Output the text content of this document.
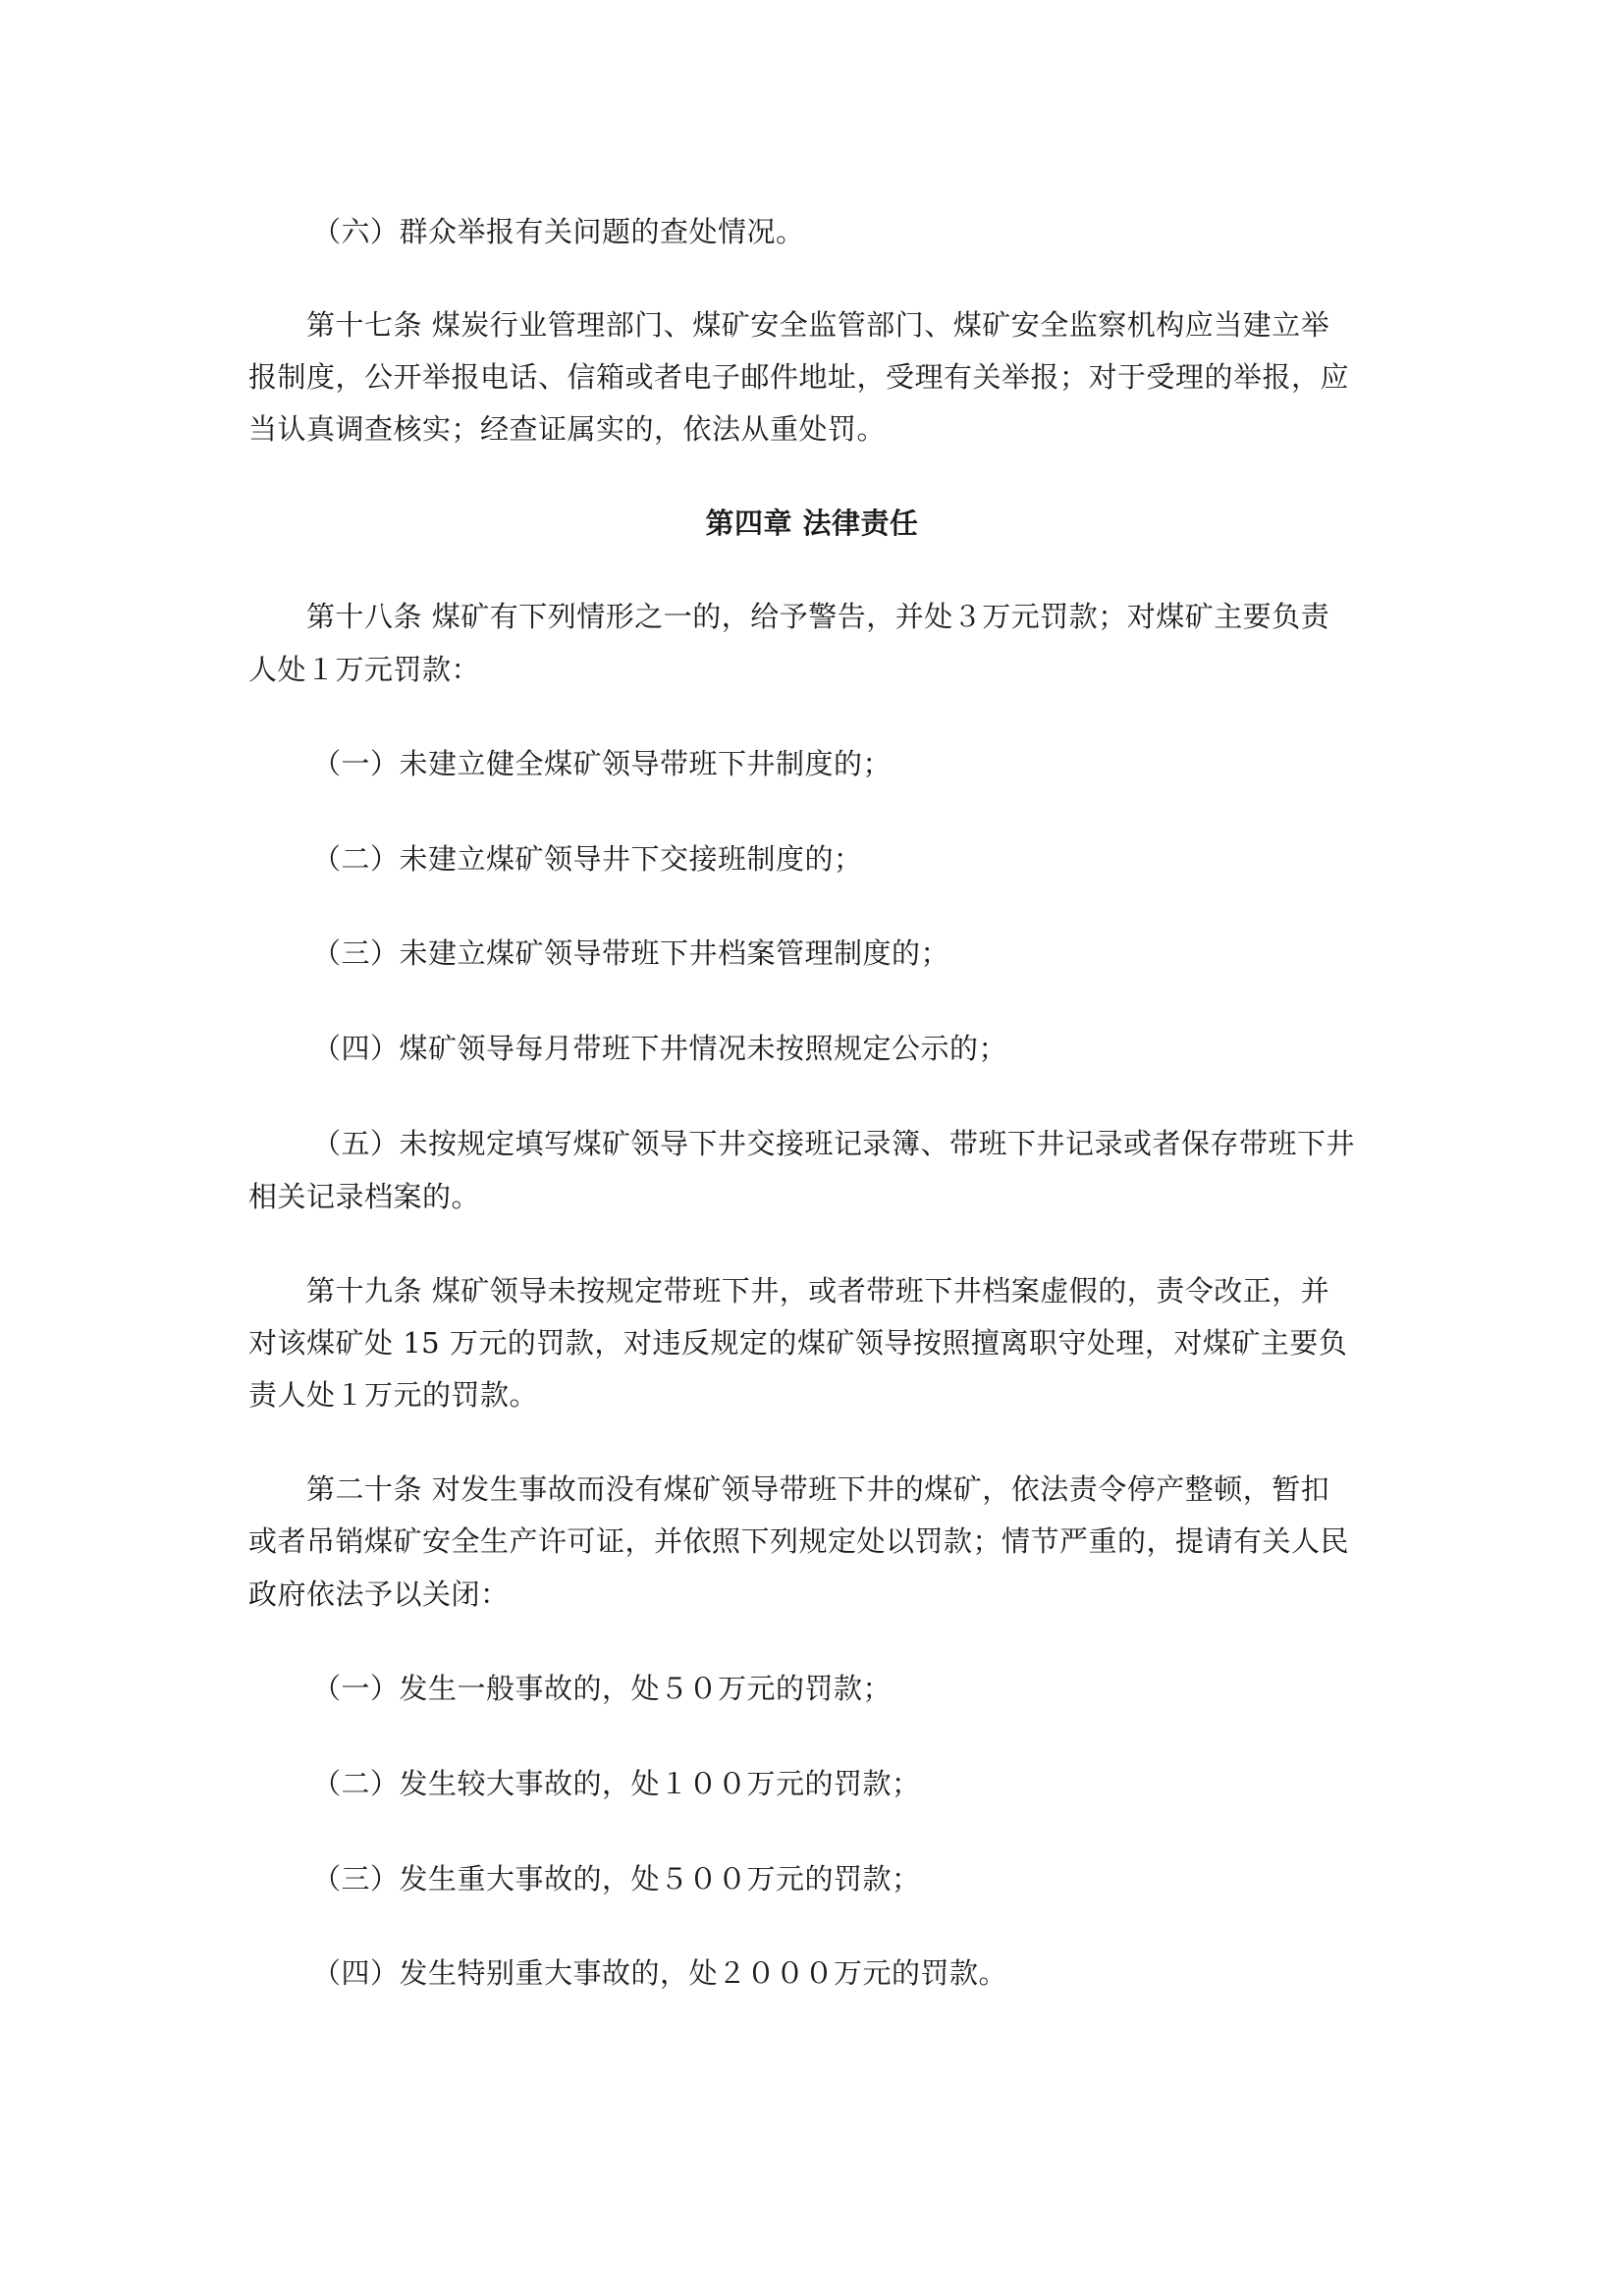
（六）群众举报有关问题的查处情况。
第十七条 煤炭行业管理部门、煤矿安全监管部门、煤矿安全监察机构应当建立举
报制度，公开举报电话、信箱或者电子邮件地址，受理有关举报；对于受理的举报，应
当认真调查核实；经查证属实的，依法从重处罚。
第四章 法律责任
第十八条 煤矿有下列情形之一的，给予警告，并处３万元罚款；对煤矿主要负责
人处１万元罚款：
（一）未建立健全煤矿领导带班下井制度的；
（二）未建立煤矿领导井下交接班制度的；
（三）未建立煤矿领导带班下井档案管理制度的；
（四）煤矿领导每月带班下井情况未按照规定公示的；
（五）未按规定填写煤矿领导下井交接班记录簿、带班下井记录或者保存带班下井
相关记录档案的。
第十九条 煤矿领导未按规定带班下井，或者带班下井档案虚假的，责令改正，并
对该煤矿处 15 万元的罚款，对违反规定的煤矿领导按照擅离职守处理，对煤矿主要负
责人处１万元的罚款。
第二十条 对发生事故而没有煤矿领导带班下井的煤矿，依法责令停产整顿，暂扣
或者吊销煤矿安全生产许可证，并依照下列规定处以罚款；情节严重的，提请有关人民
政府依法予以关闭：
（一）发生一般事故的，处５０万元的罚款；
（二）发生较大事故的，处１００万元的罚款；
（三）发生重大事故的，处５００万元的罚款；
（四）发生特别重大事故的，处２０００万元的罚款。
